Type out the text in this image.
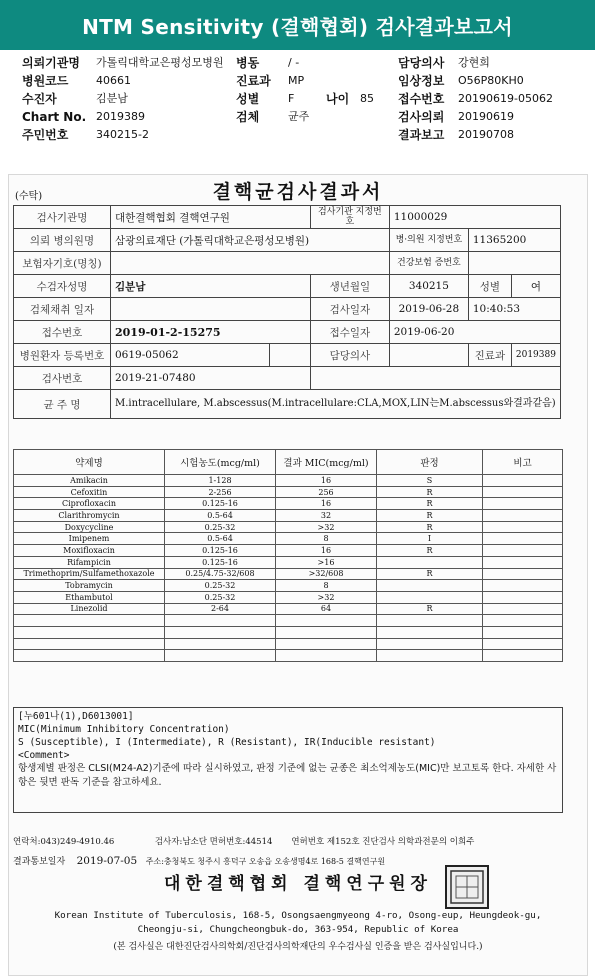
NTM Sensitivity (결핵협회) 검사결과보고서
의뢰기관명 가톨릭대학교은평성모병원 병동	/ -	담당의사 강현희
병원코드	40661	진료과 MP	임상정보 O56P80KH0
수진자	김분남	성별	F	나이 85 접수번호 20190619-05062
Chart No. 2019389	검체	균주	검사의뢰 20190619
주민번호	340215-2	결과보고 20190708
(수탁)	결핵균검사결과서
검사기관명	대한결핵협회 결핵연구원		검사기관 지정번호	11000029		
의뢰 병의원명	삼광의료재단 (가톨릭대학교은평성모병원)			병·의원 지정번호	11365200	
보험자기호(명칭)				건강보험 증번호		
수검자성명	김분남		생년월일	340215	성별	여
검체채취 일자			검사일자	2019-06-28	10:40:53	
접수번호	2019-01-2-15275		접수일자	2019-06-20		
병원환자 등록번호	0619-05062		담당의사		진료과	2019389
검사번호	2019-21-07480					
균 주 명	M.intracellulare, M.abscessus(M.intracellulare:CLA,MOX,LIN는M.abscessus와결과같음)					
약제명	시험농도(mcg/ml)	결과 MIC(mcg/ml)	판정	비고
Amikacin	1-128	16	S	
Cefoxitin	2-256	256	R	
Ciprofloxacin	0.125-16	16	R	
Clarithromycin	0.5-64	32	R	
Doxycycline	0.25-32	>32	R	
Imipenem	0.5-64	8	I	
Moxifloxacin	0.125-16	16	R	
Rifampicin	0.125-16	>16		
Trimethoprim/Sulfamethoxazole	0.25/4.75-32/608	>32/608	R	
Tobramycin	0.25-32	8		
Ethambutol	0.25-32	>32		
Linezolid	2-64	64	R	

[누601나(1),D6013001]
MIC(Minimum Inhibitory Concentration)
S (Susceptible), I (Intermediate), R (Resistant), IR(Inducible resistant)
<Comment>
항생제별 판정은 CLSI(M24-A2)기준에 따라 실시하였고, 판정 기준에 없는 균종은 최소억제농도(MIC)만 보고토록 한다. 자세한 사항은 뒷면 판독 기준을 참고하세요.
연락처:043)249-4910.46	검사자:남소단 면허번호:44514 연허번호 제152호 진단검사 의학과전문의 이희주
결과통보일자 2019-07-05 주소:충청북도 청주시 흥덕구 오송읍 오송생명4로 168-5 결핵연구원
대한결핵협회 결핵연구원장
Korean Institute of Tuberculosis, 168-5, Osongsaengmyeong 4-ro, Osong-eup, Heungdeok-gu,
Cheongju-si, Chungcheongbuk-do, 363-954, Republic of Korea
(본 검사실은 대한진단검사의학회/진단검사의학재단의 우수검사실 인증을 받은 검사실입니다.)
